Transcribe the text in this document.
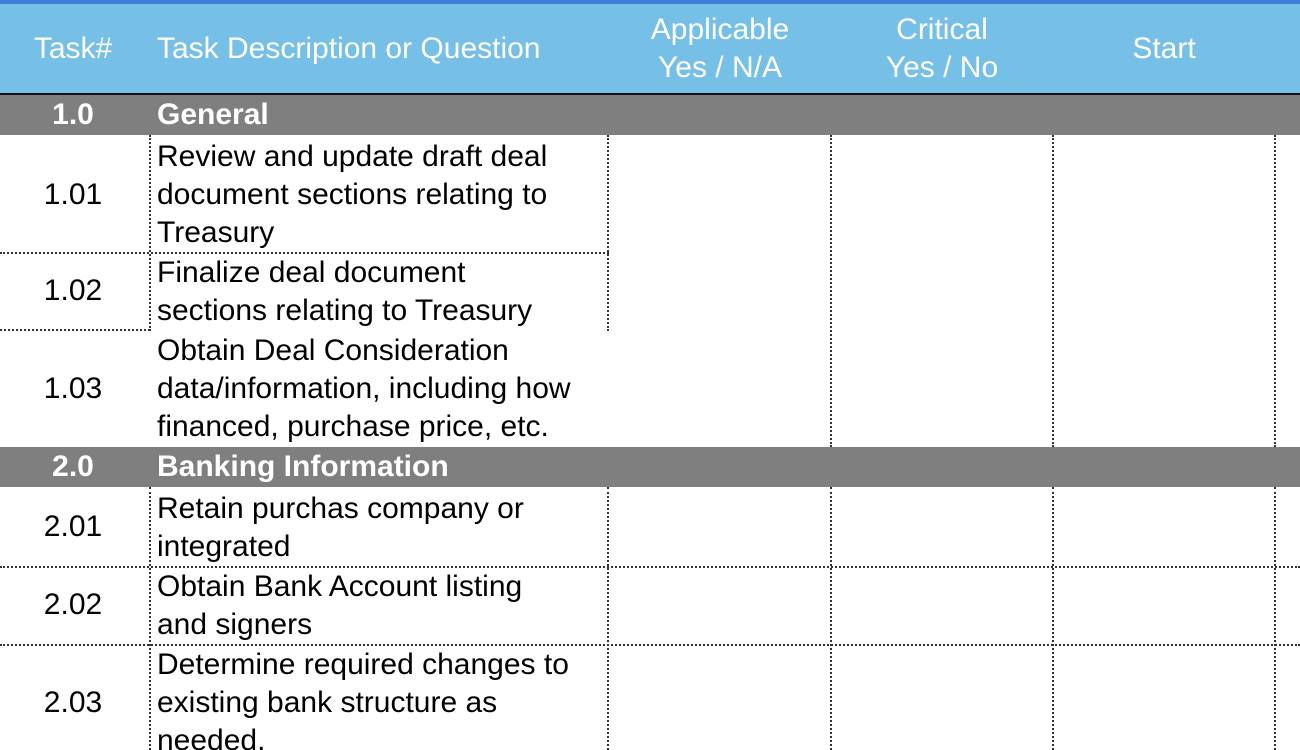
Task# Task Description or Question
Applicable
Yes / N/A
Critical
Yes / No
Start
1.0	General
1.01
Review and update draft deal
document sections relating to
Treasury
1.02
Finalize deal document
sections relating to Treasury
1.03
Obtain Deal Consideration
data/information, including how
financed, purchase price, etc.
2.0	Banking Information
2.01
Retain purchas company or
integrated
2.02
Obtain Bank Account listing
and signers
2.03
Determine required changes to
existing bank structure as
needed.
